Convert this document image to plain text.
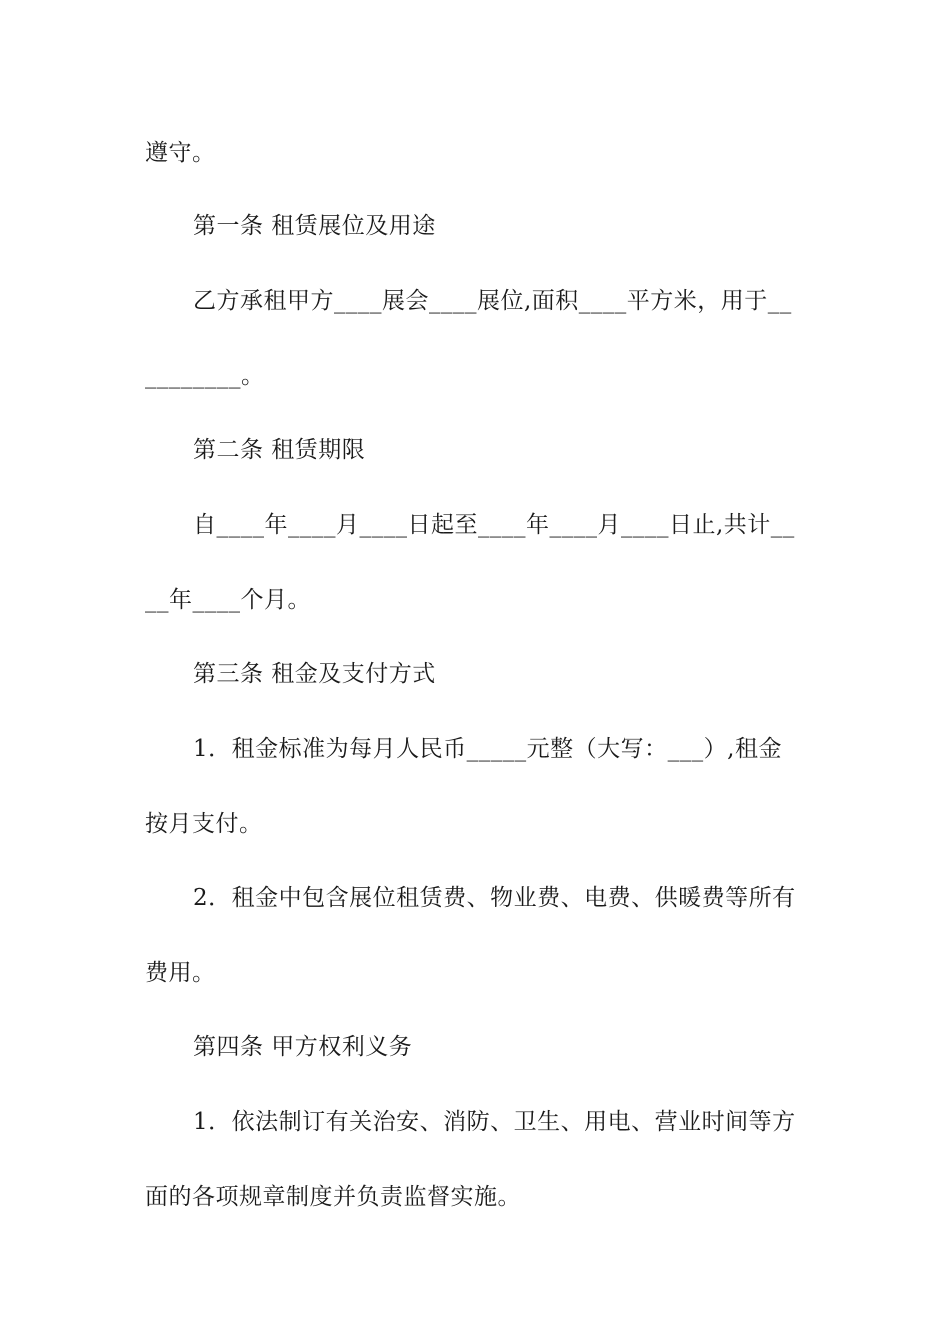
遵守。
第一条 租赁展位及用途
乙方承租甲方____展会____展位,面积____平方米，用于__
________。
第二条 租赁期限
自____年____月____日起至____年____月____日止,共计__
__年____个月。
第三条 租金及支付方式
1．租金标准为每月人民币_____元整（大写：___）,租金
按月支付。
2．租金中包含展位租赁费、物业费、电费、供暖费等所有
费用。
第四条 甲方权利义务
1．依法制订有关治安、消防、卫生、用电、营业时间等方
面的各项规章制度并负责监督实施。
